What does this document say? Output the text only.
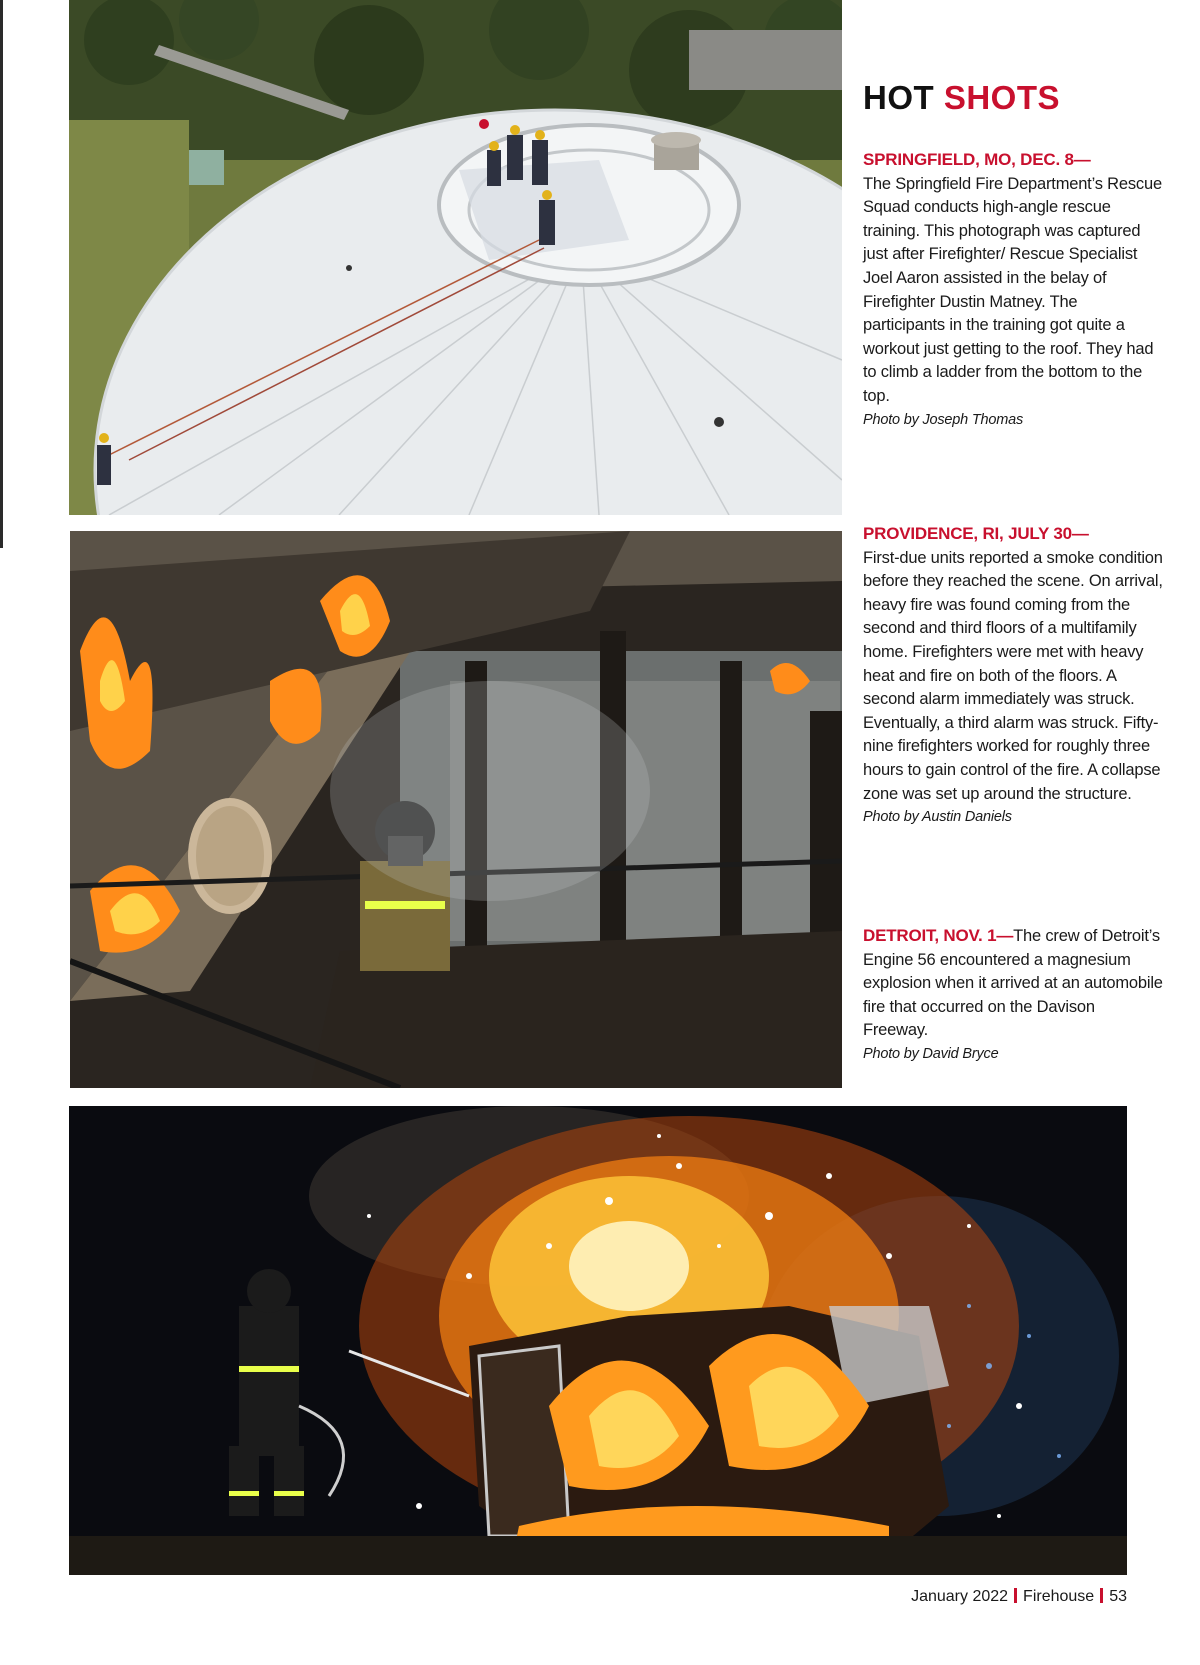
HOT SHOTS

SPRINGFIELD, MO, DEC. 8—
The Springfield Fire Department’s Rescue Squad conducts high-angle rescue training. This photograph was captured just after Firefighter/ Rescue Specialist Joel Aaron assisted in the belay of Firefighter Dustin Matney. The participants in the training got quite a workout just getting to the roof. They had to climb a ladder from the bottom to the top.
Photo by Joseph Thomas

PROVIDENCE, RI, JULY 30—
First-due units reported a smoke condition before they reached the scene. On arrival, heavy fire was found coming from the second and third floors of a multifamily home. Firefighters were met with heavy heat and fire on both of the floors. A second alarm immediately was struck. Eventually, a third alarm was struck. Fifty-nine firefighters worked for roughly three hours to gain control of the fire. A collapse zone was set up around the structure.
Photo by Austin Daniels

DETROIT, NOV. 1—The crew of Detroit’s Engine 56 encountered a magnesium explosion when it arrived at an automobile fire that occurred on the Davison Freeway.
Photo by David Bryce

January 2022 Firehouse 53
